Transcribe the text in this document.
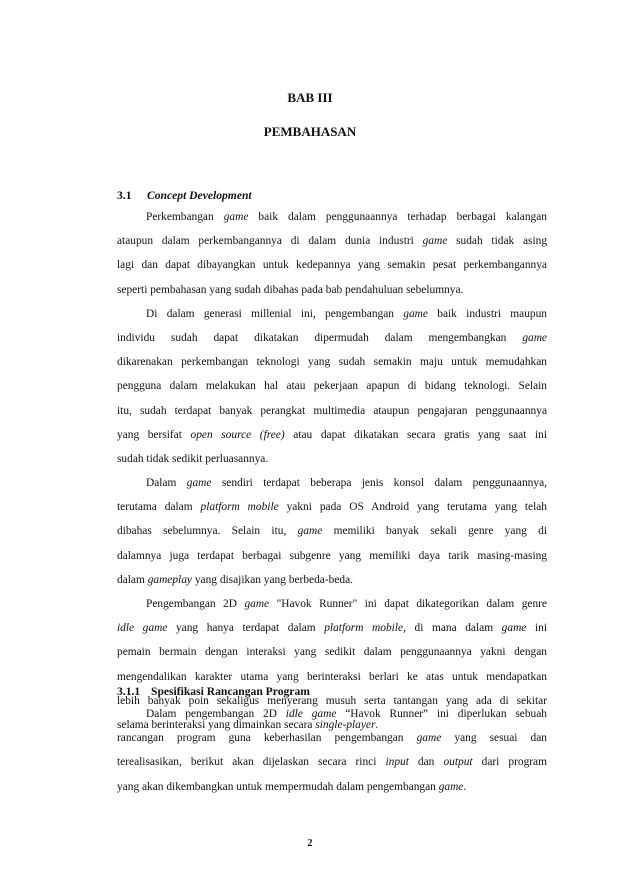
BAB III
PEMBAHASAN
3.1 Concept Development
Perkembangan game baik dalam penggunaannya terhadap berbagai kalangan
ataupun dalam perkembangannya di dalam dunia industri game sudah tidak asing
lagi dan dapat dibayangkan untuk kedepannya yang semakin pesat perkembangannya
seperti pembahasan yang sudah dibahas pada bab pendahuluan sebelumnya.
Di dalam generasi millenial ini, pengembangan game baik industri maupun
individu sudah dapat dikatakan dipermudah dalam mengembangkan game
dikarenakan perkembangan teknologi yang sudah semakin maju untuk memudahkan
pengguna dalam melakukan hal atau pekerjaan apapun di bidang teknologi. Selain
itu, sudah terdapat banyak perangkat multimedia ataupun pengajaran penggunaannya
yang bersifat open source (free) atau dapat dikatakan secara gratis yang saat ini
sudah tidak sedikit perluasannya.
Dalam game sendiri terdapat beberapa jenis konsol dalam penggunaannya,
terutama dalam platform mobile yakni pada OS Android yang terutama yang telah
dibahas sebelumnya. Selain itu, game memiliki banyak sekali genre yang di
dalamnya juga terdapat berbagai subgenre yang memiliki daya tarik masing-masing
dalam gameplay yang disajikan yang berbeda-beda.
Pengembangan 2D game "Havok Runner" ini dapat dikategorikan dalam genre
idle game yang hanya terdapat dalam platform mobile, di mana dalam game ini
pemain bermain dengan interaksi yang sedikit dalam penggunaannya yakni dengan
mengendalikan karakter utama yang berinteraksi berlari ke atas untuk mendapatkan
lebih banyak poin sekaligus menyerang musuh serta tantangan yang ada di sekitar
selama berinteraksi yang dimainkan secara single-player.
3.1.1 Spesifikasi Rancangan Program
Dalam pengembangan 2D idle game “Havok Runner” ini diperlukan sebuah
rancangan program guna keberhasilan pengembangan game yang sesuai dan
terealisasikan, berikut akan dijelaskan secara rinci input dan output dari program
yang akan dikembangkan untuk mempermudah dalam pengembangan game.
2
